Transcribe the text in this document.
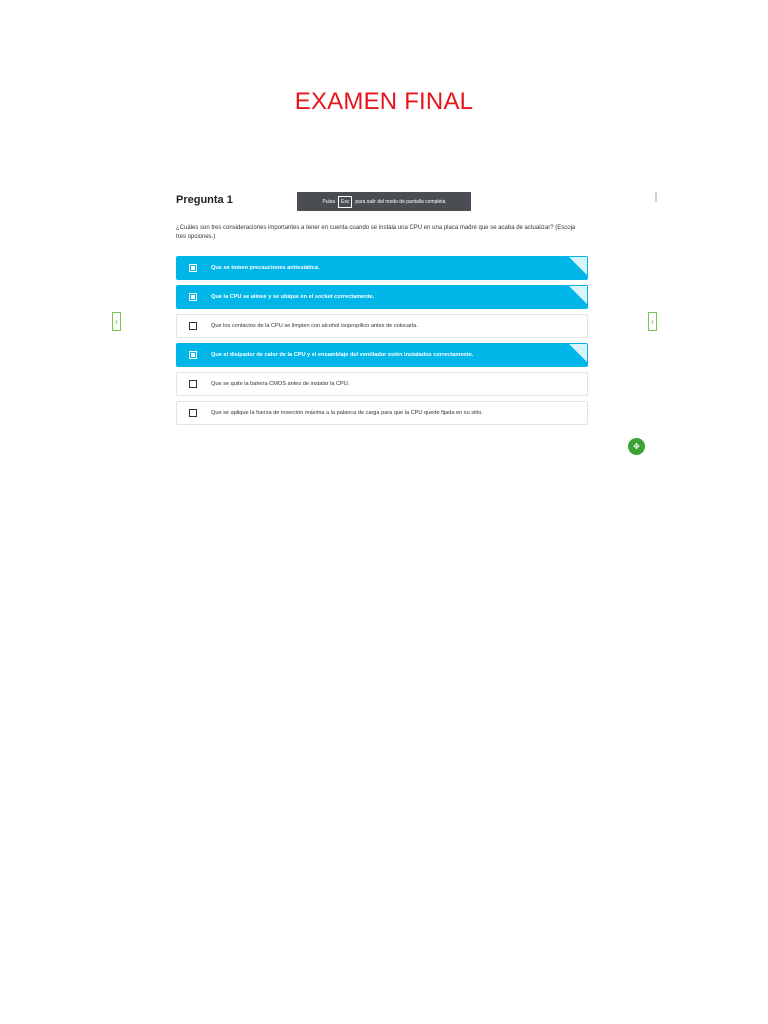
EXAMEN FINAL
Pregunta 1	Pulsa	Esc	para salir del modo de pantalla completa
¿Cuáles son tres consideraciones importantes a tener en cuenta cuando se instala una CPU en una placa madre que se acaba de actualizar? (Escoja tres opciones.)
Que se tomen precauciones antiestática.
Que la CPU se alinee y se ubique en el socket correctamente.
Que los contactos de la CPU se limpien con alcohol isopropílico antes de colocarla.
Que el disipador de calor de la CPU y el ensamblaje del ventilador estén instalados correctamente.
Que se quite la batería CMOS antes de instalar la CPU.
Que se aplique la fuerza de inserción máxima a la palanca de carga para que la CPU quede fijada en su sitio.
‹	›
✥
